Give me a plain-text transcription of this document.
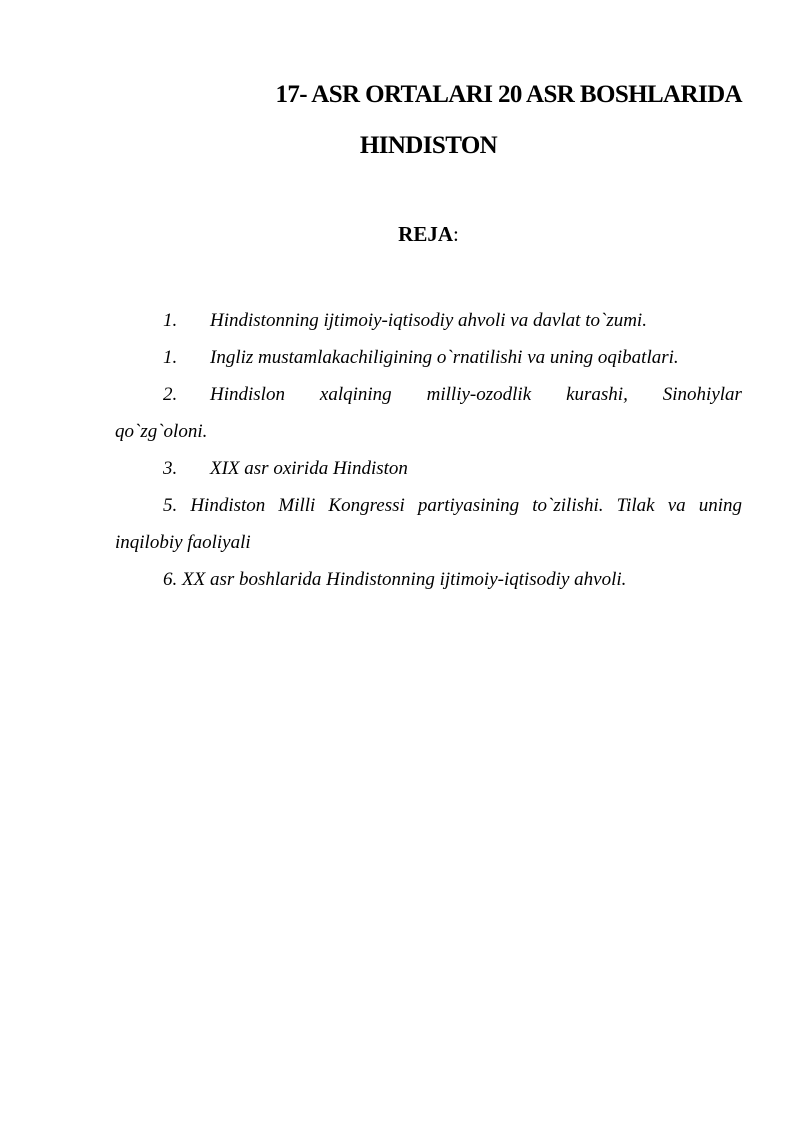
17- ASR ORTALARI 20 ASR BOSHLARIDA
HINDISTON
REJA:
1.	Hindistonning ijtimoiy-iqtisodiy ahvoli va davlat to`zumi.
1.	Ingliz mustamlakachiligining o`rnatilishi va uning oqibatlari.
2.	Hindislon xalqining milliy-ozodlik kurashi, Sinohiylar
qo`zg`oloni.
3.	XIX asr oxirida Hindiston
5. Hindiston Milli Kongressi partiyasining to`zilishi. Tilak va uning
inqilobiy faoliyali
6. XX asr boshlarida Hindistonning ijtimoiy-iqtisodiy ahvoli.
